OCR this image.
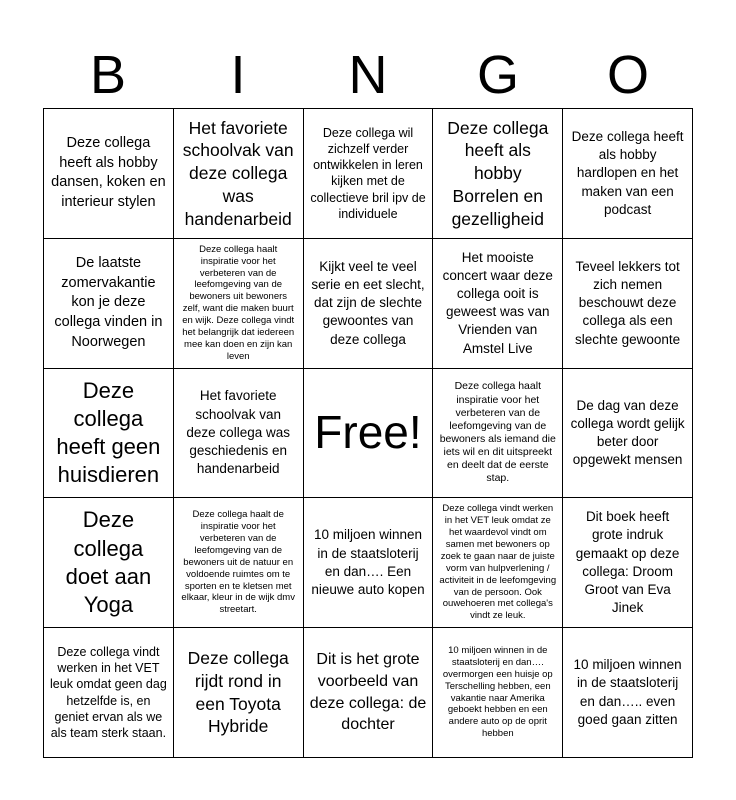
B	I	N	G	O
Deze collega heeft als hobby dansen, koken en interieur stylen
Het favoriete schoolvak van deze collega was handenarbeid
Deze collega wil zichzelf verder ontwikkelen in leren kijken met de collectieve bril ipv de individuele
Deze collega heeft als hobby Borrelen en gezelligheid
Deze collega heeft als hobby hardlopen en het maken van een podcast
De laatste zomervakantie kon je deze collega vinden in Noorwegen
Deze collega haalt inspiratie voor het verbeteren van de leefomgeving van de bewoners uit bewoners zelf, want die maken buurt en wijk. Deze collega vindt het belangrijk dat iedereen mee kan doen en zijn kan leven
Kijkt veel te veel serie en eet slecht, dat zijn de slechte gewoontes van deze collega
Het mooiste concert waar deze collega ooit is geweest was van Vrienden van Amstel Live
Teveel lekkers tot zich nemen beschouwt deze collega als een slechte gewoonte
Deze collega heeft geen huisdieren
Het favoriete schoolvak van deze collega was geschiedenis en handenarbeid
Free!
Deze collega haalt inspiratie voor het verbeteren van de leefomgeving van de bewoners als iemand die iets wil en dit uitspreekt en deelt dat de eerste stap.
De dag van deze collega wordt gelijk beter door opgewekt mensen
Deze collega doet aan Yoga
Deze collega haalt de inspiratie voor het verbeteren van de leefomgeving van de bewoners uit de natuur en voldoende ruimtes om te sporten en te kletsen met elkaar, kleur in de wijk dmv streetart.
10 miljoen winnen in de staatsloterij en dan…. Een nieuwe auto kopen
Deze collega vindt werken in het VET leuk omdat ze het waardevol vindt om samen met bewoners op zoek te gaan naar de juiste vorm van hulpverlening / activiteit in de leefomgeving van de persoon. Ook ouwehoeren met collega's vindt ze leuk.
Dit boek heeft grote indruk gemaakt op deze collega: Droom Groot van Eva Jinek
Deze collega vindt werken in het VET leuk omdat geen dag hetzelfde is, en geniet ervan als we als team sterk staan.
Deze collega rijdt rond in een Toyota Hybride
Dit is het grote voorbeeld van deze collega: de dochter
10 miljoen winnen in de staatsloterij en dan…. overmorgen een huisje op Terschelling hebben, een vakantie naar Amerika geboekt hebben en een andere auto op de oprit hebben
10 miljoen winnen in de staatsloterij en dan….. even goed gaan zitten
